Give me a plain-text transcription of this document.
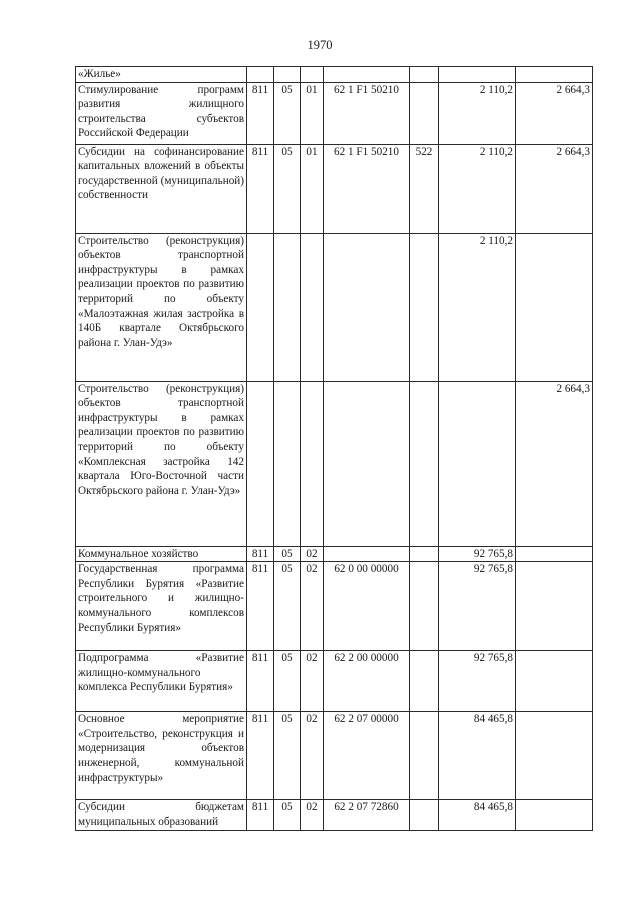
1970
«Жилье»							
Стимулирование программ развития жилищного строительства субъектов Российской Федерации	811	05	01	62 1 F1 50210		2 110,2	2 664,3
Субсидии на софинансирование капитальных вложений в объекты государственной (муниципальной) собственности	811	05	01	62 1 F1 50210	522	2 110,2	2 664,3
Строительство (реконструкция) объектов транспортной инфраструктуры в рамках реализации проектов по развитию территорий по объекту «Малоэтажная жилая застройка в 140Б квартале Октябрьского района г. Улан-Удэ»						2 110,2	
Строительство (реконструкция) объектов транспортной инфраструктуры в рамках реализации проектов по развитию территорий по объекту «Комплексная застройка 142 квартала Юго-Восточной части Октябрьского района г. Улан-Удэ»							2 664,3
Коммунальное хозяйство	811	05	02			92 765,8	
Государственная программа Республики Бурятия «Развитие строительного и жилищно-коммунального комплексов Республики Бурятия»	811	05	02	62 0 00 00000		92 765,8	
Подпрограмма «Развитие жилищно-коммунального комплекса Республики Бурятия»	811	05	02	62 2 00 00000		92 765,8	
Основное мероприятие «Строительство, реконструкция и модернизация объектов инженерной, коммунальной инфраструктуры»	811	05	02	62 2 07 00000		84 465,8	
Субсидии бюджетам муниципальных образований	811	05	02	62 2 07 72860		84 465,8	
